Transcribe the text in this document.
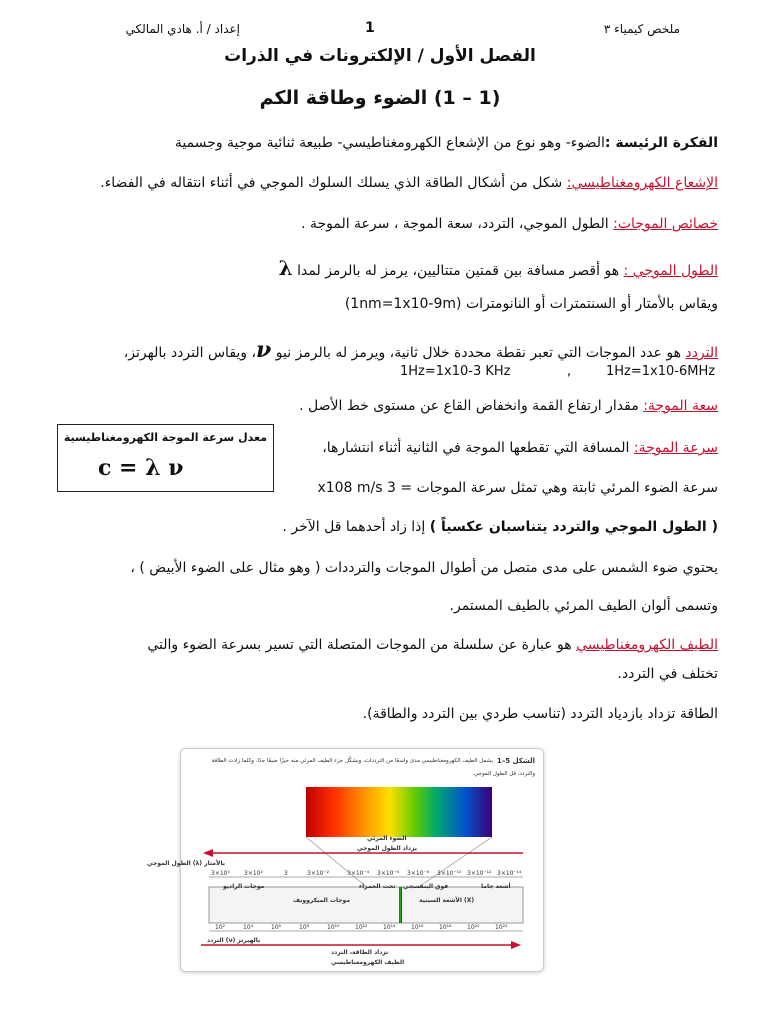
ملخص كيمياء ٣
1
إعداد / أ. هادي المالكي
الفصل الأول / الإلكترونات في الذرات
(1 – 1) الضوء وطاقة الكم
الفكرة الرئيسة :الضوء- وهو نوع من الإشعاع الكهرومغناطيسي- طبيعة ثنائية موجية وجسمية
الإشعاع الكهرومغناطيسي: شكل من أشكال الطاقة الذي يسلك السلوك الموجي في أثناء انتقاله في الفضاء.
خصائص الموجات: الطول الموجي، التردد، سعة الموجة ، سرعة الموجة .
الطول الموجي : هو أقصر مسافة بين قمتين متتاليين، يرمز له بالرمز لمدا λ
ويقاس بالأمتار أو السنتمترات أو النانومترات (1nm=1x10-9m)
التردد هو عدد الموجات التي تعبر نقطة محددة خلال ثانية، ويرمز له بالرمز نيو ν، ويقاس التردد بالهرتز،
1Hz=1x10-3 KHz	,	1Hz=1x10-6MHz
سعة الموجة: مقدار ارتفاع القمة وانخفاض القاع عن مستوى خط الأصل .
معدل سرعة الموجة الكهرومغناطيسية
c = λ ν
سرعة الموجة: المسافة التي تقطعها الموجة في الثانية أثناء انتشارها،
سرعة الضوء المرئي ثابتة وهي تمثل سرعة الموجات = 3 x108 m/s
( الطول الموجي والتردد يتناسبان عكسياً ) إذا زاد أحدهما قل الآخر .
يحتوي ضوء الشمس على مدى متصل من أطوال الموجات والترددات ( وهو مثال على الضوء الأبيض ) ،
وتسمى ألوان الطيف المرئي بالطيف المستمر.
الطيف الكهرومغناطيسي هو عبارة عن سلسلة من الموجات المتصلة التي تسير بسرعة الضوء والتي
تختلف في التردد.
الطاقة تزداد بازدياد التردد (تناسب طردي بين التردد والطاقة).
الشكل 5–1
يشمل الطيف الكهرومغناطيسي مدى واسعًا من الترددات، ويشكّل جزء الطيف المرئي منه حيزًا ضيقًا جدًا. وكلما زادت الطاقة
والتردد، قل الطول الموجي.
الضوء المرئي
يزداد الطول الموجي
الطول الموجي (λ) بالأمتار
3×10⁵ 3×10²	3	3×10⁻²	3×10⁻⁴ 3×10⁻⁶ 3×10⁻⁸ 3×10⁻¹⁰ 3×10⁻¹² 3×10⁻¹⁴
موجات الراديو
موجات الميكروويف
تحت الحمراء فوق البنفسجي
الأشعة السينية (X)
أشعة جاما
10²	10⁴	10⁶	10⁸	10¹⁰	10¹²	10¹⁴	10¹⁶	10¹⁸	10²⁰	10²²
التردد (ν) بالهيرتز
تزداد الطاقة، التردد
الطيف الكهرومغناطيسي
